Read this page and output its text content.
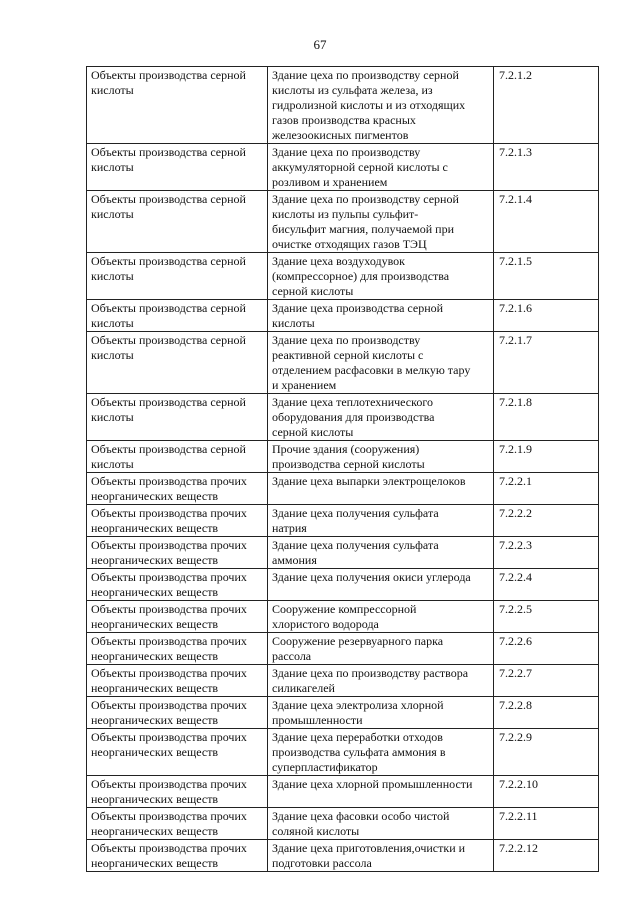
67
Объекты производства серной
кислоты	Здание цеха по производству серной
кислоты из сульфата железа, из
гидролизной кислоты и из отходящих
газов производства красных
железоокисных пигментов	7.2.1.2
Объекты производства серной
кислоты	Здание цеха по производству
аккумуляторной серной кислоты с
розливом и хранением	7.2.1.3
Объекты производства серной
кислоты	Здание цеха по производству серной
кислоты из пульпы сульфит-
бисульфит магния, получаемой при
очистке отходящих газов ТЭЦ	7.2.1.4
Объекты производства серной
кислоты	Здание цеха воздуходувок
(компрессорное) для производства
серной кислоты	7.2.1.5
Объекты производства серной
кислоты	Здание цеха производства серной
кислоты	7.2.1.6
Объекты производства серной
кислоты	Здание цеха по производству
реактивной серной кислоты с
отделением расфасовки в мелкую тару
и хранением	7.2.1.7
Объекты производства серной
кислоты	Здание цеха теплотехнического
оборудования для производства
серной кислоты	7.2.1.8
Объекты производства серной
кислоты	Прочие здания (сооружения)
производства серной кислоты	7.2.1.9
Объекты производства прочих
неорганических веществ	Здание цеха выпарки электрощелоков	7.2.2.1
Объекты производства прочих
неорганических веществ	Здание цеха получения сульфата
натрия	7.2.2.2
Объекты производства прочих
неорганических веществ	Здание цеха получения сульфата
аммония	7.2.2.3
Объекты производства прочих
неорганических веществ	Здание цеха получения окиси углерода	7.2.2.4
Объекты производства прочих
неорганических веществ	Сооружение компрессорной
хлористого водорода	7.2.2.5
Объекты производства прочих
неорганических веществ	Сооружение резервуарного парка
рассола	7.2.2.6
Объекты производства прочих
неорганических веществ	Здание цеха по производству раствора
силикагелей	7.2.2.7
Объекты производства прочих
неорганических веществ	Здание цеха электролиза хлорной
промышленности	7.2.2.8
Объекты производства прочих
неорганических веществ	Здание цеха переработки отходов
производства сульфата аммония в
суперпластификатор	7.2.2.9
Объекты производства прочих
неорганических веществ	Здание цеха хлорной промышленности	7.2.2.10
Объекты производства прочих
неорганических веществ	Здание цеха фасовки особо чистой
соляной кислоты	7.2.2.11
Объекты производства прочих
неорганических веществ	Здание цеха приготовления,очистки и
подготовки рассола	7.2.2.12
